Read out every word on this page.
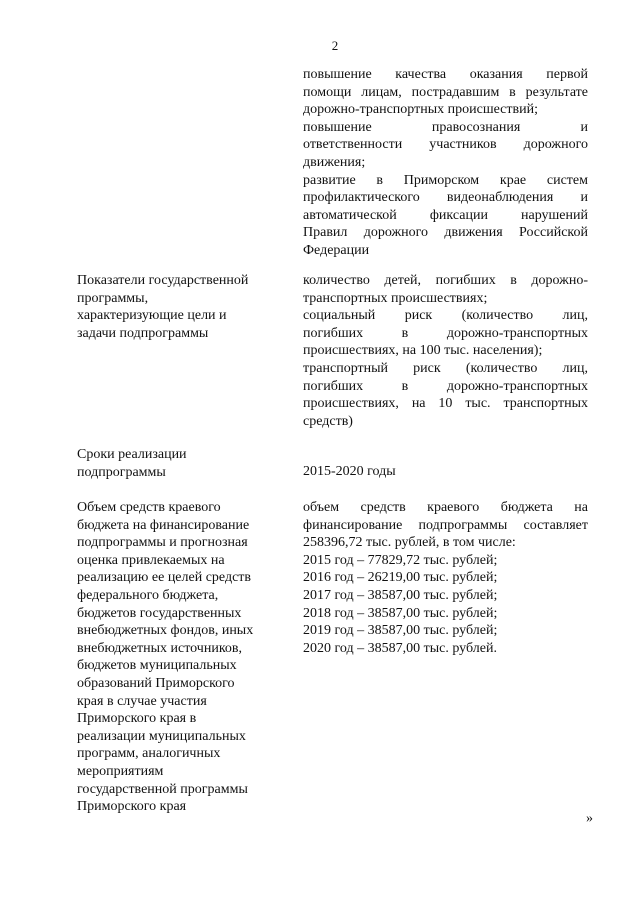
2
повышение качества оказания первой
помощи лицам, пострадавшим в результате
дорожно-транспортных происшествий;
повышение правосознания и
ответственности участников дорожного
движения;
развитие в Приморском крае систем
профилактического видеонаблюдения и
автоматической фиксации нарушений
Правил дорожного движения Российской
Федерации
Показатели государственной
программы,
характеризующие цели и
задачи подпрограммы
количество детей, погибших в дорожно-
транспортных происшествиях;
социальный риск (количество лиц,
погибших в дорожно-транспортных
происшествиях, на 100 тыс. населения);
транспортный риск (количество лиц,
погибших в дорожно-транспортных
происшествиях, на 10 тыс. транспортных
средств)
Сроки реализации
подпрограммы	2015-2020 годы
Объем средств краевого
бюджета на финансирование
подпрограммы и прогнозная
оценка привлекаемых на
реализацию ее целей средств
федерального бюджета,
бюджетов государственных
внебюджетных фондов, иных
внебюджетных источников,
бюджетов муниципальных
образований Приморского
края в случае участия
Приморского края в
реализации муниципальных
программ, аналогичных
мероприятиям
государственной программы
Приморского края
объем средств краевого бюджета на
финансирование подпрограммы составляет
258396,72 тыс. рублей, в том числе:
2015 год – 77829,72 тыс. рублей;
2016 год – 26219,00 тыс. рублей;
2017 год – 38587,00 тыс. рублей;
2018 год – 38587,00 тыс. рублей;
2019 год – 38587,00 тыс. рублей;
2020 год – 38587,00 тыс. рублей.
»
